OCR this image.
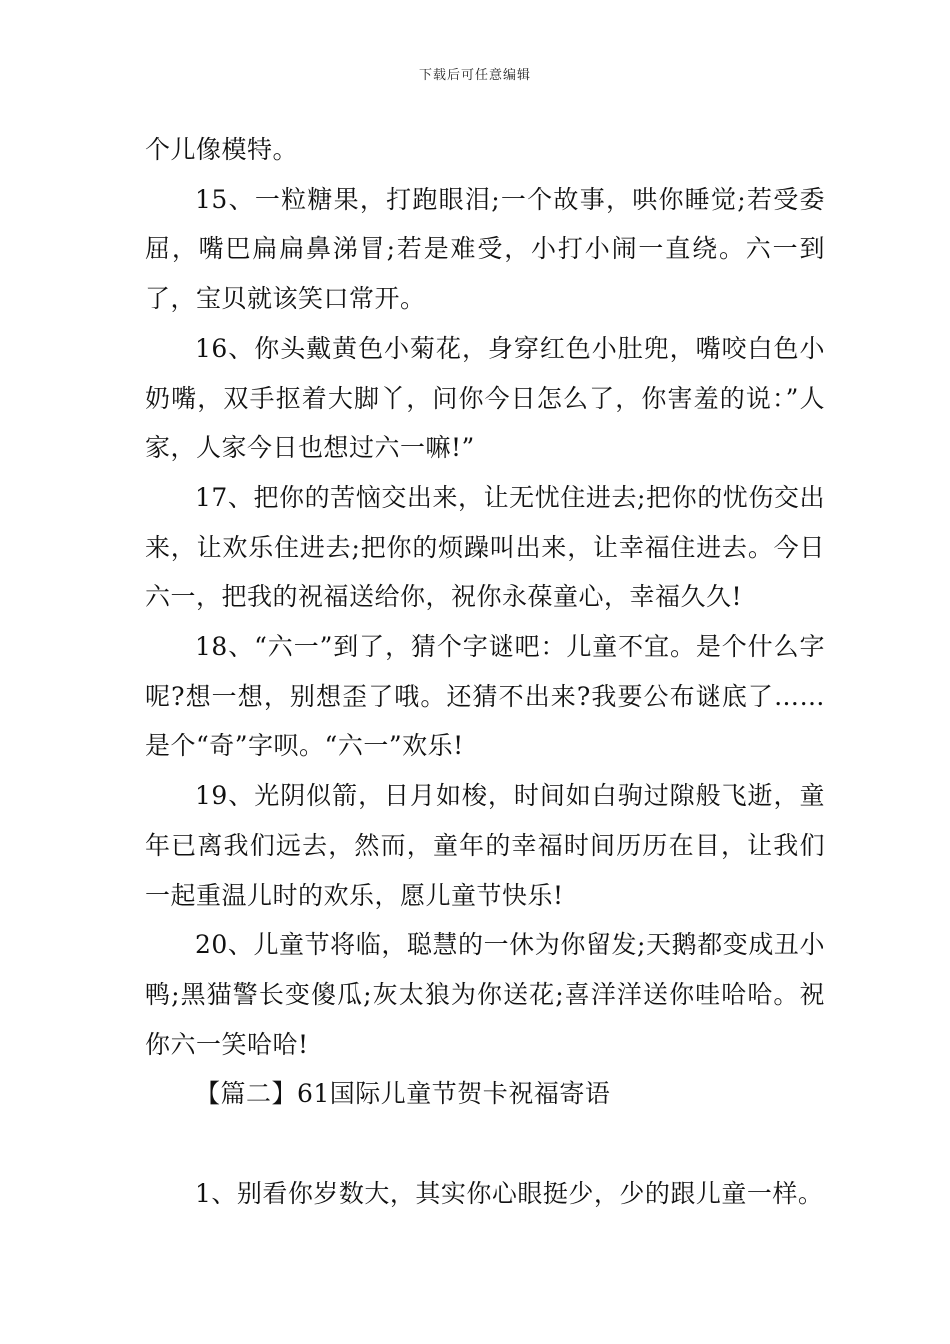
下载后可任意编辑

个儿像模特。

15、一粒糖果，打跑眼泪;一个故事，哄你睡觉;若受委屈，嘴巴扁扁鼻涕冒;若是难受，小打小闹一直绕。六一到了，宝贝就该笑口常开。

16、你头戴黄色小菊花，身穿红色小肚兜，嘴咬白色小奶嘴，双手抠着大脚丫，问你今日怎么了，你害羞的说：”人家，人家今日也想过六一嘛!”

17、把你的苦恼交出来，让无忧住进去;把你的忧伤交出来，让欢乐住进去;把你的烦躁叫出来，让幸福住进去。今日六一，把我的祝福送给你，祝你永葆童心，幸福久久!

18、“六一”到了，猜个字谜吧：儿童不宜。是个什么字呢?想一想，别想歪了哦。还猜不出来?我要公布谜底了……是个“奇”字呗。“六一”欢乐!

19、光阴似箭，日月如梭，时间如白驹过隙般飞逝，童年已离我们远去，然而，童年的幸福时间历历在目，让我们一起重温儿时的欢乐，愿儿童节快乐!

20、儿童节将临，聪慧的一休为你留发;天鹅都变成丑小鸭;黑猫警长变傻瓜;灰太狼为你送花;喜洋洋送你哇哈哈。祝你六一笑哈哈!

【篇二】61国际儿童节贺卡祝福寄语

1、别看你岁数大，其实你心眼挺少，少的跟儿童一样。
